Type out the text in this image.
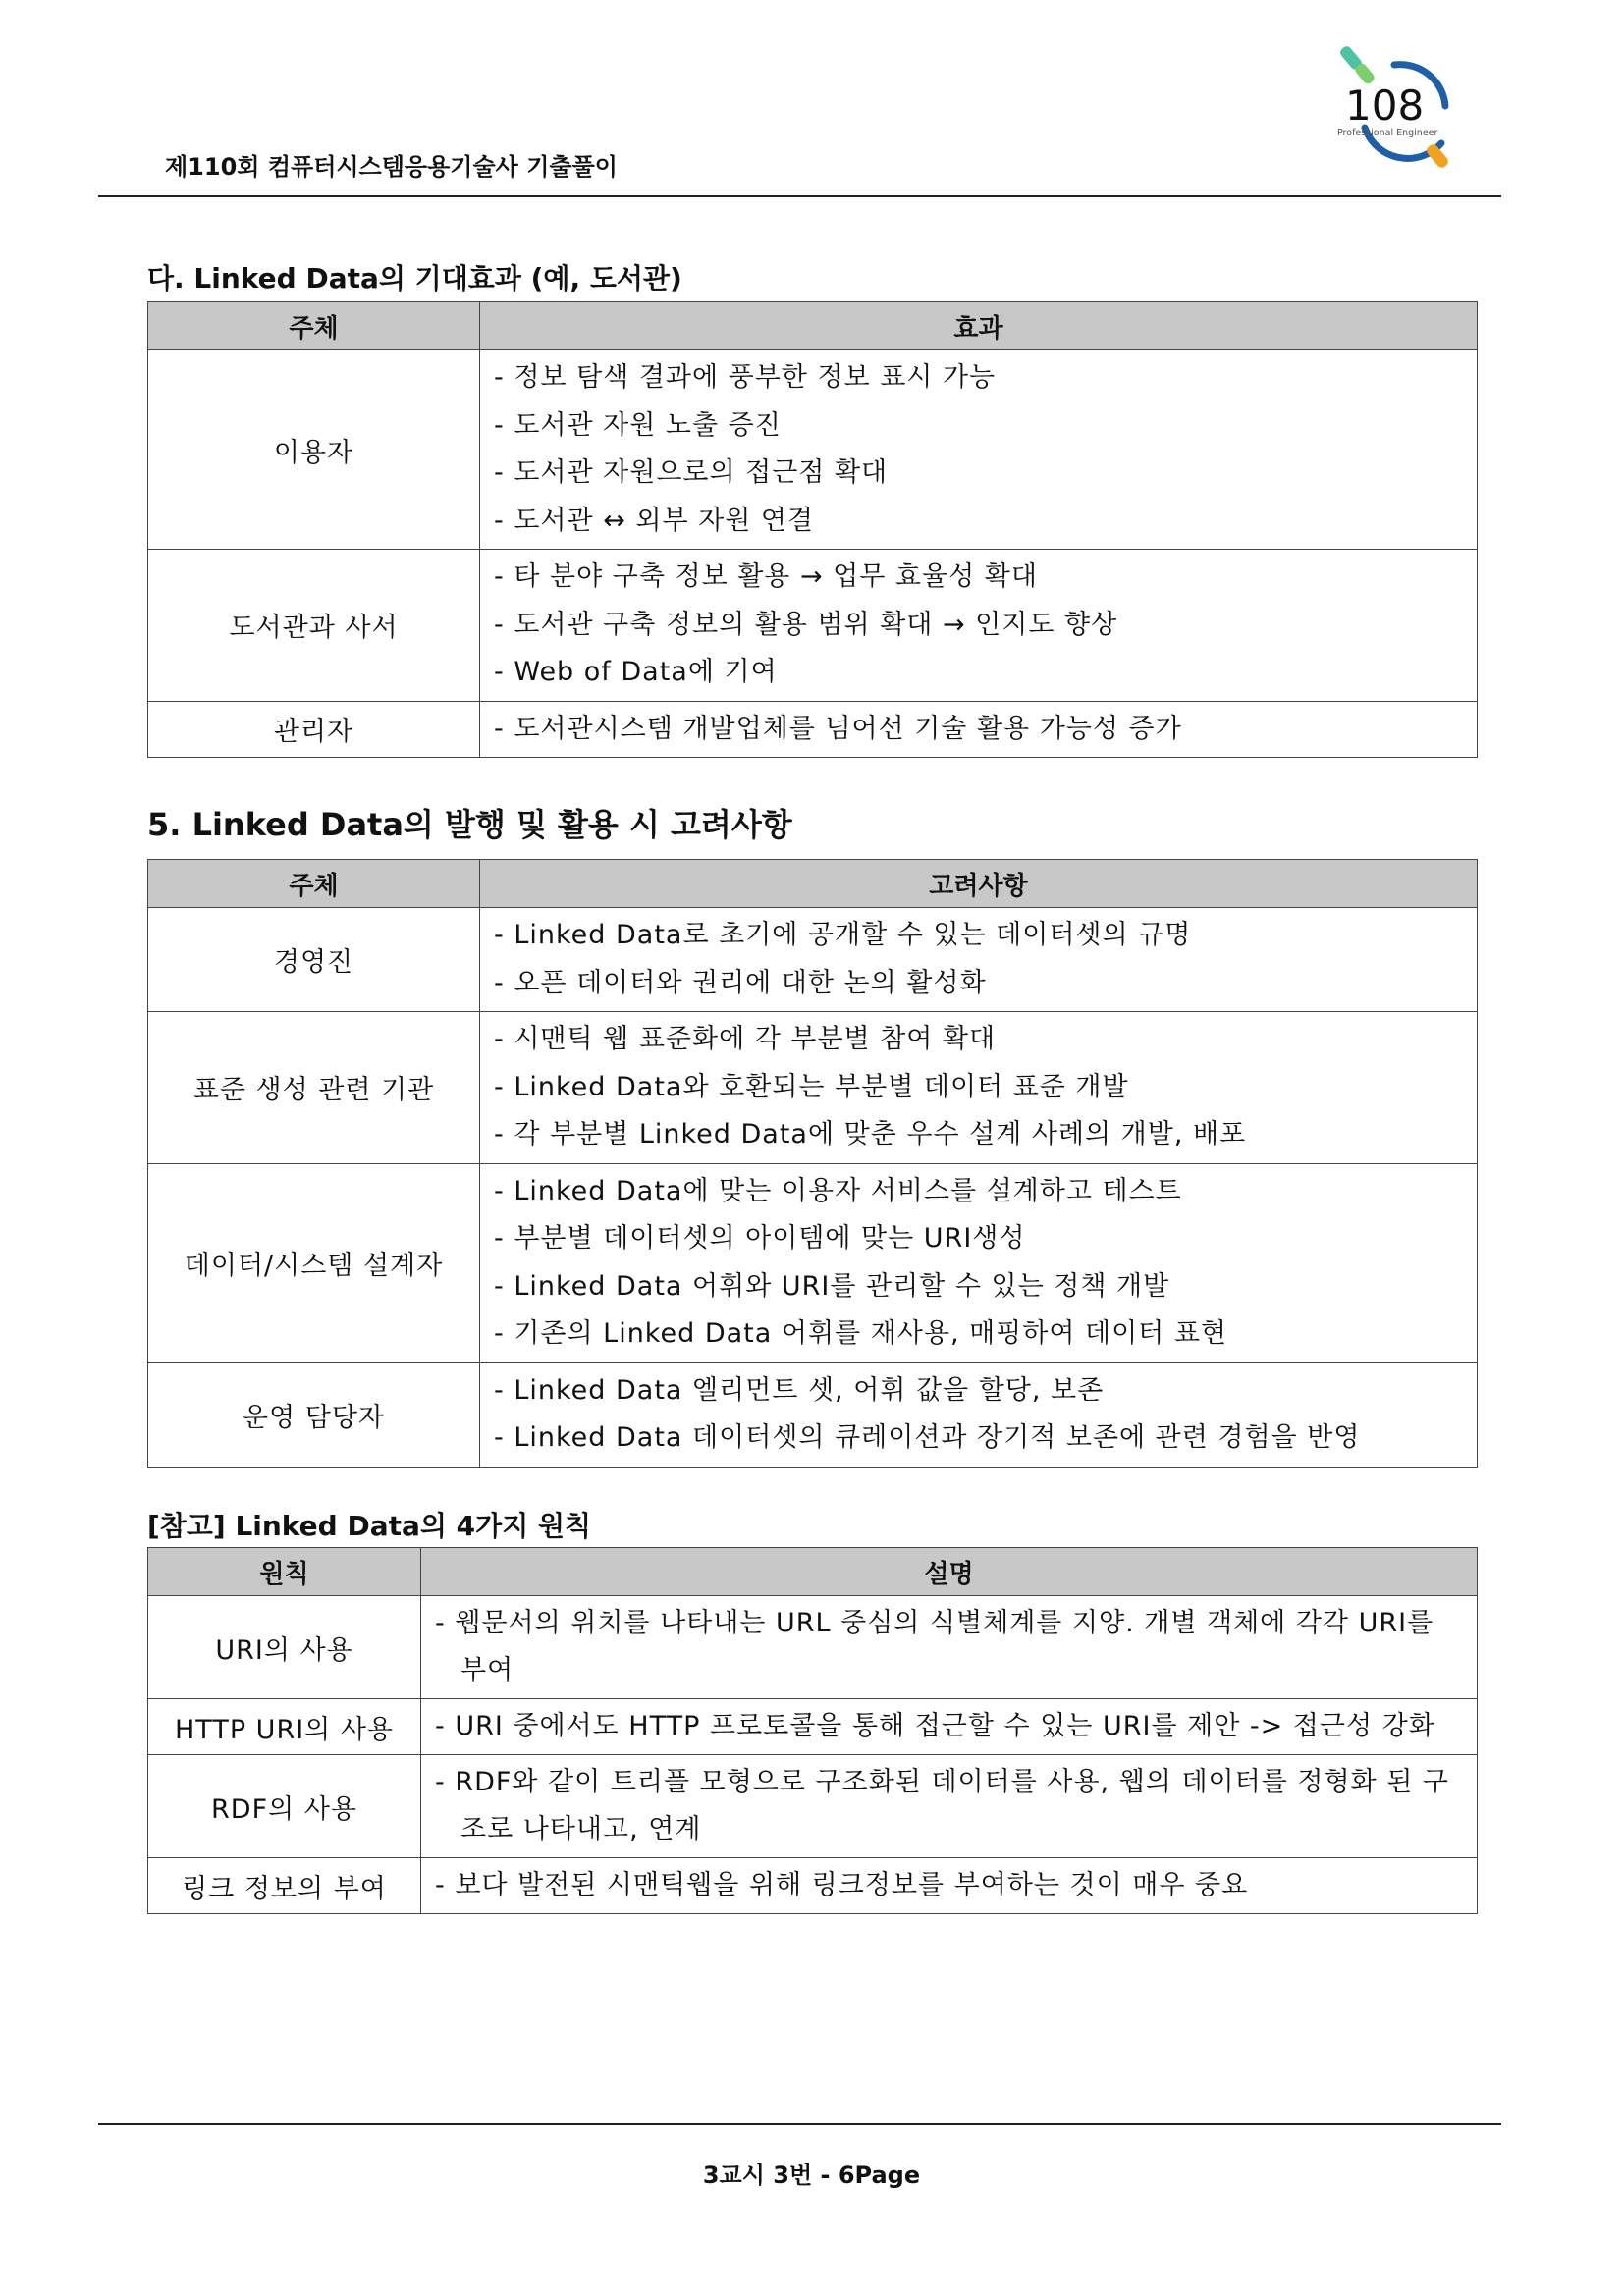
108
Professional Engineer
제110회 컴퓨터시스템응용기술사 기출풀이
다. Linked Data의 기대효과 (예, 도서관)
주체	효과
이용자	- 정보 탐색 결과에 풍부한 정보 표시 가능
- 도서관 자원 노출 증진
- 도서관 자원으로의 접근점 확대
- 도서관 ↔ 외부 자원 연결

도서관과 사서	- 타 분야 구축 정보 활용 → 업무 효율성 확대
- 도서관 구축 정보의 활용 범위 확대 → 인지도 향상
- Web of Data에 기여

관리자	- 도서관시스템 개발업체를 넘어선 기술 활용 가능성 증가
5. Linked Data의 발행 및 활용 시 고려사항
주체	고려사항
경영진	- Linked Data로 초기에 공개할 수 있는 데이터셋의 규명
- 오픈 데이터와 권리에 대한 논의 활성화

표준 생성 관련 기관	- 시맨틱 웹 표준화에 각 부분별 참여 확대
- Linked Data와 호환되는 부분별 데이터 표준 개발
- 각 부분별 Linked Data에 맞춘 우수 설계 사례의 개발, 배포

데이터/시스템 설계자	- Linked Data에 맞는 이용자 서비스를 설계하고 테스트
- 부분별 데이터셋의 아이템에 맞는 URI생성
- Linked Data 어휘와 URI를 관리할 수 있는 정책 개발
- 기존의 Linked Data 어휘를 재사용, 매핑하여 데이터 표현

운영 담당자	- Linked Data 엘리먼트 셋, 어휘 값을 할당, 보존
- Linked Data 데이터셋의 큐레이션과 장기적 보존에 관련 경험을 반영
[참고] Linked Data의 4가지 원칙
원칙	설명
URI의 사용	- 웹문서의 위치를 나타내는 URL 중심의 식별체계를 지양. 개별 객체에 각각 URI를 부여

HTTP URI의 사용	- URI 중에서도 HTTP 프로토콜을 통해 접근할 수 있는 URI를 제안 -> 접근성 강화

RDF의 사용	- RDF와 같이 트리플 모형으로 구조화된 데이터를 사용, 웹의 데이터를 정형화 된 구조로 나타내고, 연계

링크 정보의 부여	- 보다 발전된 시맨틱웹을 위해 링크정보를 부여하는 것이 매우 중요
3교시 3번 - 6Page
